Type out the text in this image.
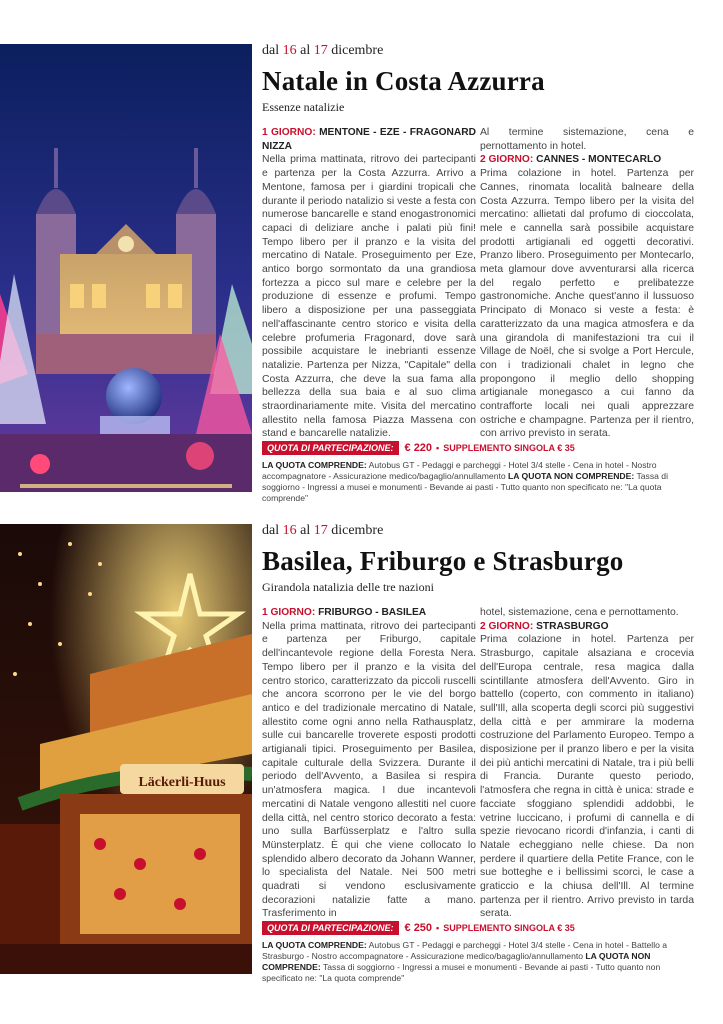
dal 16 al 17 dicembre
Natale in Costa Azzurra
Essenze natalizie

1 GIORNO: MENTONE - EZE - FRAGONARD NIZZA

Nella prima mattinata, ritrovo dei partecipanti e partenza per la Costa Azzurra. Arrivo a Mentone, famosa per i giardini tropicali che durante il periodo natalizio si veste a festa con numerose bancarelle e stand enogastronomici capaci di deliziare anche i palati più fini! Tempo libero per il pranzo e la visita del mercatino di Natale. Proseguimento per Eze, antico borgo sormontato da una grandiosa fortezza a picco sul mare e celebre per la produzione di essenze e profumi. Tempo libero a disposizione per una passeggiata nell'affascinante centro storico e visita della celebre profumeria Fragonard, dove sarà possibile acquistare le inebrianti essenze natalizie. Partenza per Nizza, "Capitale" della Costa Azzurra, che deve la sua fama alla bellezza della sua baia e al suo clima straordinariamente mite. Visita del mercatino allestito nella famosa Piazza Massena con stand e bancarelle natalizie.

Al termine sistemazione, cena e pernottamento in hotel.

2 GIORNO: CANNES - MONTECARLO

Prima colazione in hotel. Partenza per Cannes, rinomata località balneare della Costa Azzurra. Tempo libero per la visita del mercatino: allietati dal profumo di cioccolata, mele e cannella sarà possibile acquistare prodotti artigianali ed oggetti decorativi. Pranzo libero. Proseguimento per Montecarlo, meta glamour dove avventurarsi alla ricerca del regalo perfetto e prelibatezze gastronomiche. Anche quest'anno il lussuoso Principato di Monaco si veste a festa: è caratterizzato da una magica atmosfera e da una girandola di manifestazioni tra cui il Village de Noël, che si svolge a Port Hercule, con i tradizionali chalet in legno che propongono il meglio dello shopping artigianale monegasco a cui fanno da contrafforte locali nei quali apprezzare ostriche e champagne. Partenza per il rientro, con arrivo previsto in serata.

QUOTA DI PARTECIPAZIONE:	€ 220 • SUPPLEMENTO SINGOLA € 35
LA QUOTA COMPRENDE: Autobus GT - Pedaggi e parcheggi - Hotel 3/4 stelle - Cena in hotel - Nostro accompagnatore - Assicurazione medico/bagaglio/annullamento LA QUOTA NON COMPRENDE: Tassa di soggiorno - Ingressi a musei e monumenti - Bevande ai pasti - Tutto quanto non specificato ne: "La quota comprende"
Läckerli-Huus
dal 16 al 17 dicembre
Basilea, Friburgo e Strasburgo
Girandola natalizia delle tre nazioni

1 GIORNO: FRIBURGO - BASILEA

Nella prima mattinata, ritrovo dei partecipanti e partenza per Friburgo, capitale dell'incantevole regione della Foresta Nera. Tempo libero per il pranzo e la visita del centro storico, caratterizzato da piccoli ruscelli che ancora scorrono per le vie del borgo antico e del tradizionale mercatino di Natale, allestito come ogni anno nella Rathausplatz, sulle cui bancarelle troverete esposti prodotti artigianali tipici. Proseguimento per Basilea, capitale culturale della Svizzera. Durante il periodo dell'Avvento, a Basilea si respira un'atmosfera magica. I due incantevoli mercatini di Natale vengono allestiti nel cuore della città, nel centro storico decorato a festa: uno sulla Barfüsserplatz e l'altro sulla Münsterplatz. È qui che viene collocato lo splendido albero decorato da Johann Wanner, lo specialista del Natale. Nei 500 metri quadrati si vendono esclusivamente decorazioni natalizie fatte a mano. Trasferimento in

hotel, sistemazione, cena e pernottamento.

2 GIORNO: STRASBURGO

Prima colazione in hotel. Partenza per Strasburgo, capitale alsaziana e crocevia dell'Europa centrale, resa magica dalla scintillante atmosfera dell'Avvento. Giro in battello (coperto, con commento in italiano) sull'Ill, alla scoperta degli scorci più suggestivi della città e per ammirare la moderna costruzione del Parlamento Europeo. Tempo a disposizione per il pranzo libero e per la visita dei più antichi mercatini di Natale, tra i più belli di Francia. Durante questo periodo, l'atmosfera che regna in città è unica: strade e facciate sfoggiano splendidi addobbi, le vetrine luccicano, i profumi di cannella e di spezie rievocano ricordi d'infanzia, i canti di Natale echeggiano nelle chiese. Da non perdere il quartiere della Petite France, con le sue botteghe e i bellissimi scorci, le case a graticcio e la chiusa dell'Ill. Al termine partenza per il rientro. Arrivo previsto in tarda serata.

QUOTA DI PARTECIPAZIONE:	€ 250 • SUPPLEMENTO SINGOLA € 35
LA QUOTA COMPRENDE: Autobus GT - Pedaggi e parcheggi - Hotel 3/4 stelle - Cena in hotel - Battello a Strasburgo - Nostro accompagnatore - Assicurazione medico/bagaglio/annullamento LA QUOTA NON COMPRENDE: Tassa di soggiorno - Ingressi a musei e monumenti - Bevande ai pasti - Tutto quanto non specificato ne: "La quota comprende"
